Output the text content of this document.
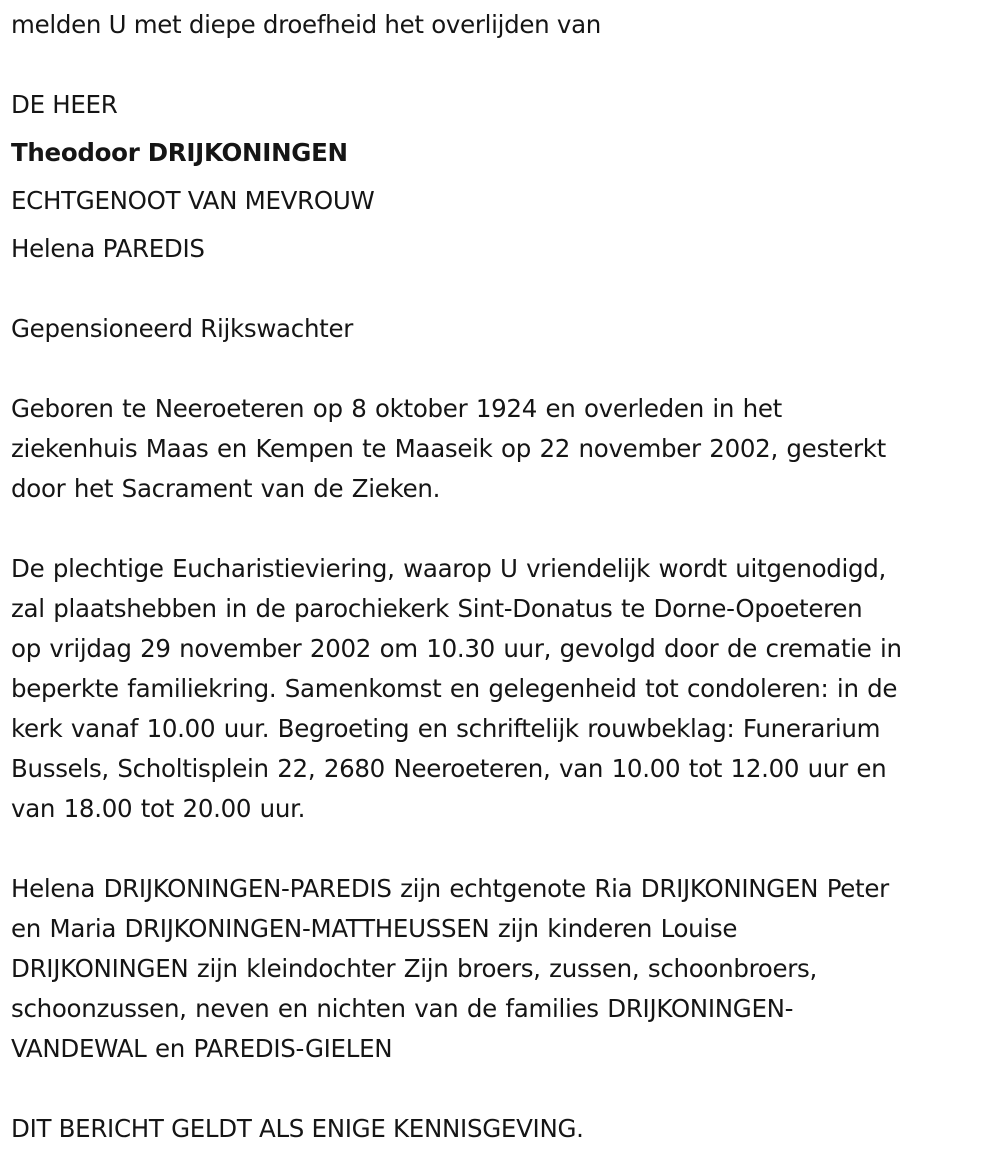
melden U met diepe droefheid het overlijden van
DE HEER
Theodoor DRIJKONINGEN
ECHTGENOOT VAN MEVROUW
Helena PAREDIS
Gepensioneerd Rijkswachter
Geboren te Neeroeteren op 8 oktober 1924 en overleden in het
ziekenhuis Maas en Kempen te Maaseik op 22 november 2002, gesterkt
door het Sacrament van de Zieken.
De plechtige Eucharistieviering, waarop U vriendelijk wordt uitgenodigd,
zal plaatshebben in de parochiekerk Sint-Donatus te Dorne-Opoeteren
op vrijdag 29 november 2002 om 10.30 uur, gevolgd door de crematie in
beperkte familiekring. Samenkomst en gelegenheid tot condoleren: in de
kerk vanaf 10.00 uur. Begroeting en schriftelijk rouwbeklag: Funerarium
Bussels, Scholtisplein 22, 2680 Neeroeteren, van 10.00 tot 12.00 uur en
van 18.00 tot 20.00 uur.
Helena DRIJKONINGEN-PAREDIS zijn echtgenote Ria DRIJKONINGEN Peter
en Maria DRIJKONINGEN-MATTHEUSSEN zijn kinderen Louise
DRIJKONINGEN zijn kleindochter Zijn broers, zussen, schoonbroers,
schoonzussen, neven en nichten van de families DRIJKONINGEN-
VANDEWAL en PAREDIS-GIELEN
DIT BERICHT GELDT ALS ENIGE KENNISGEVING.
